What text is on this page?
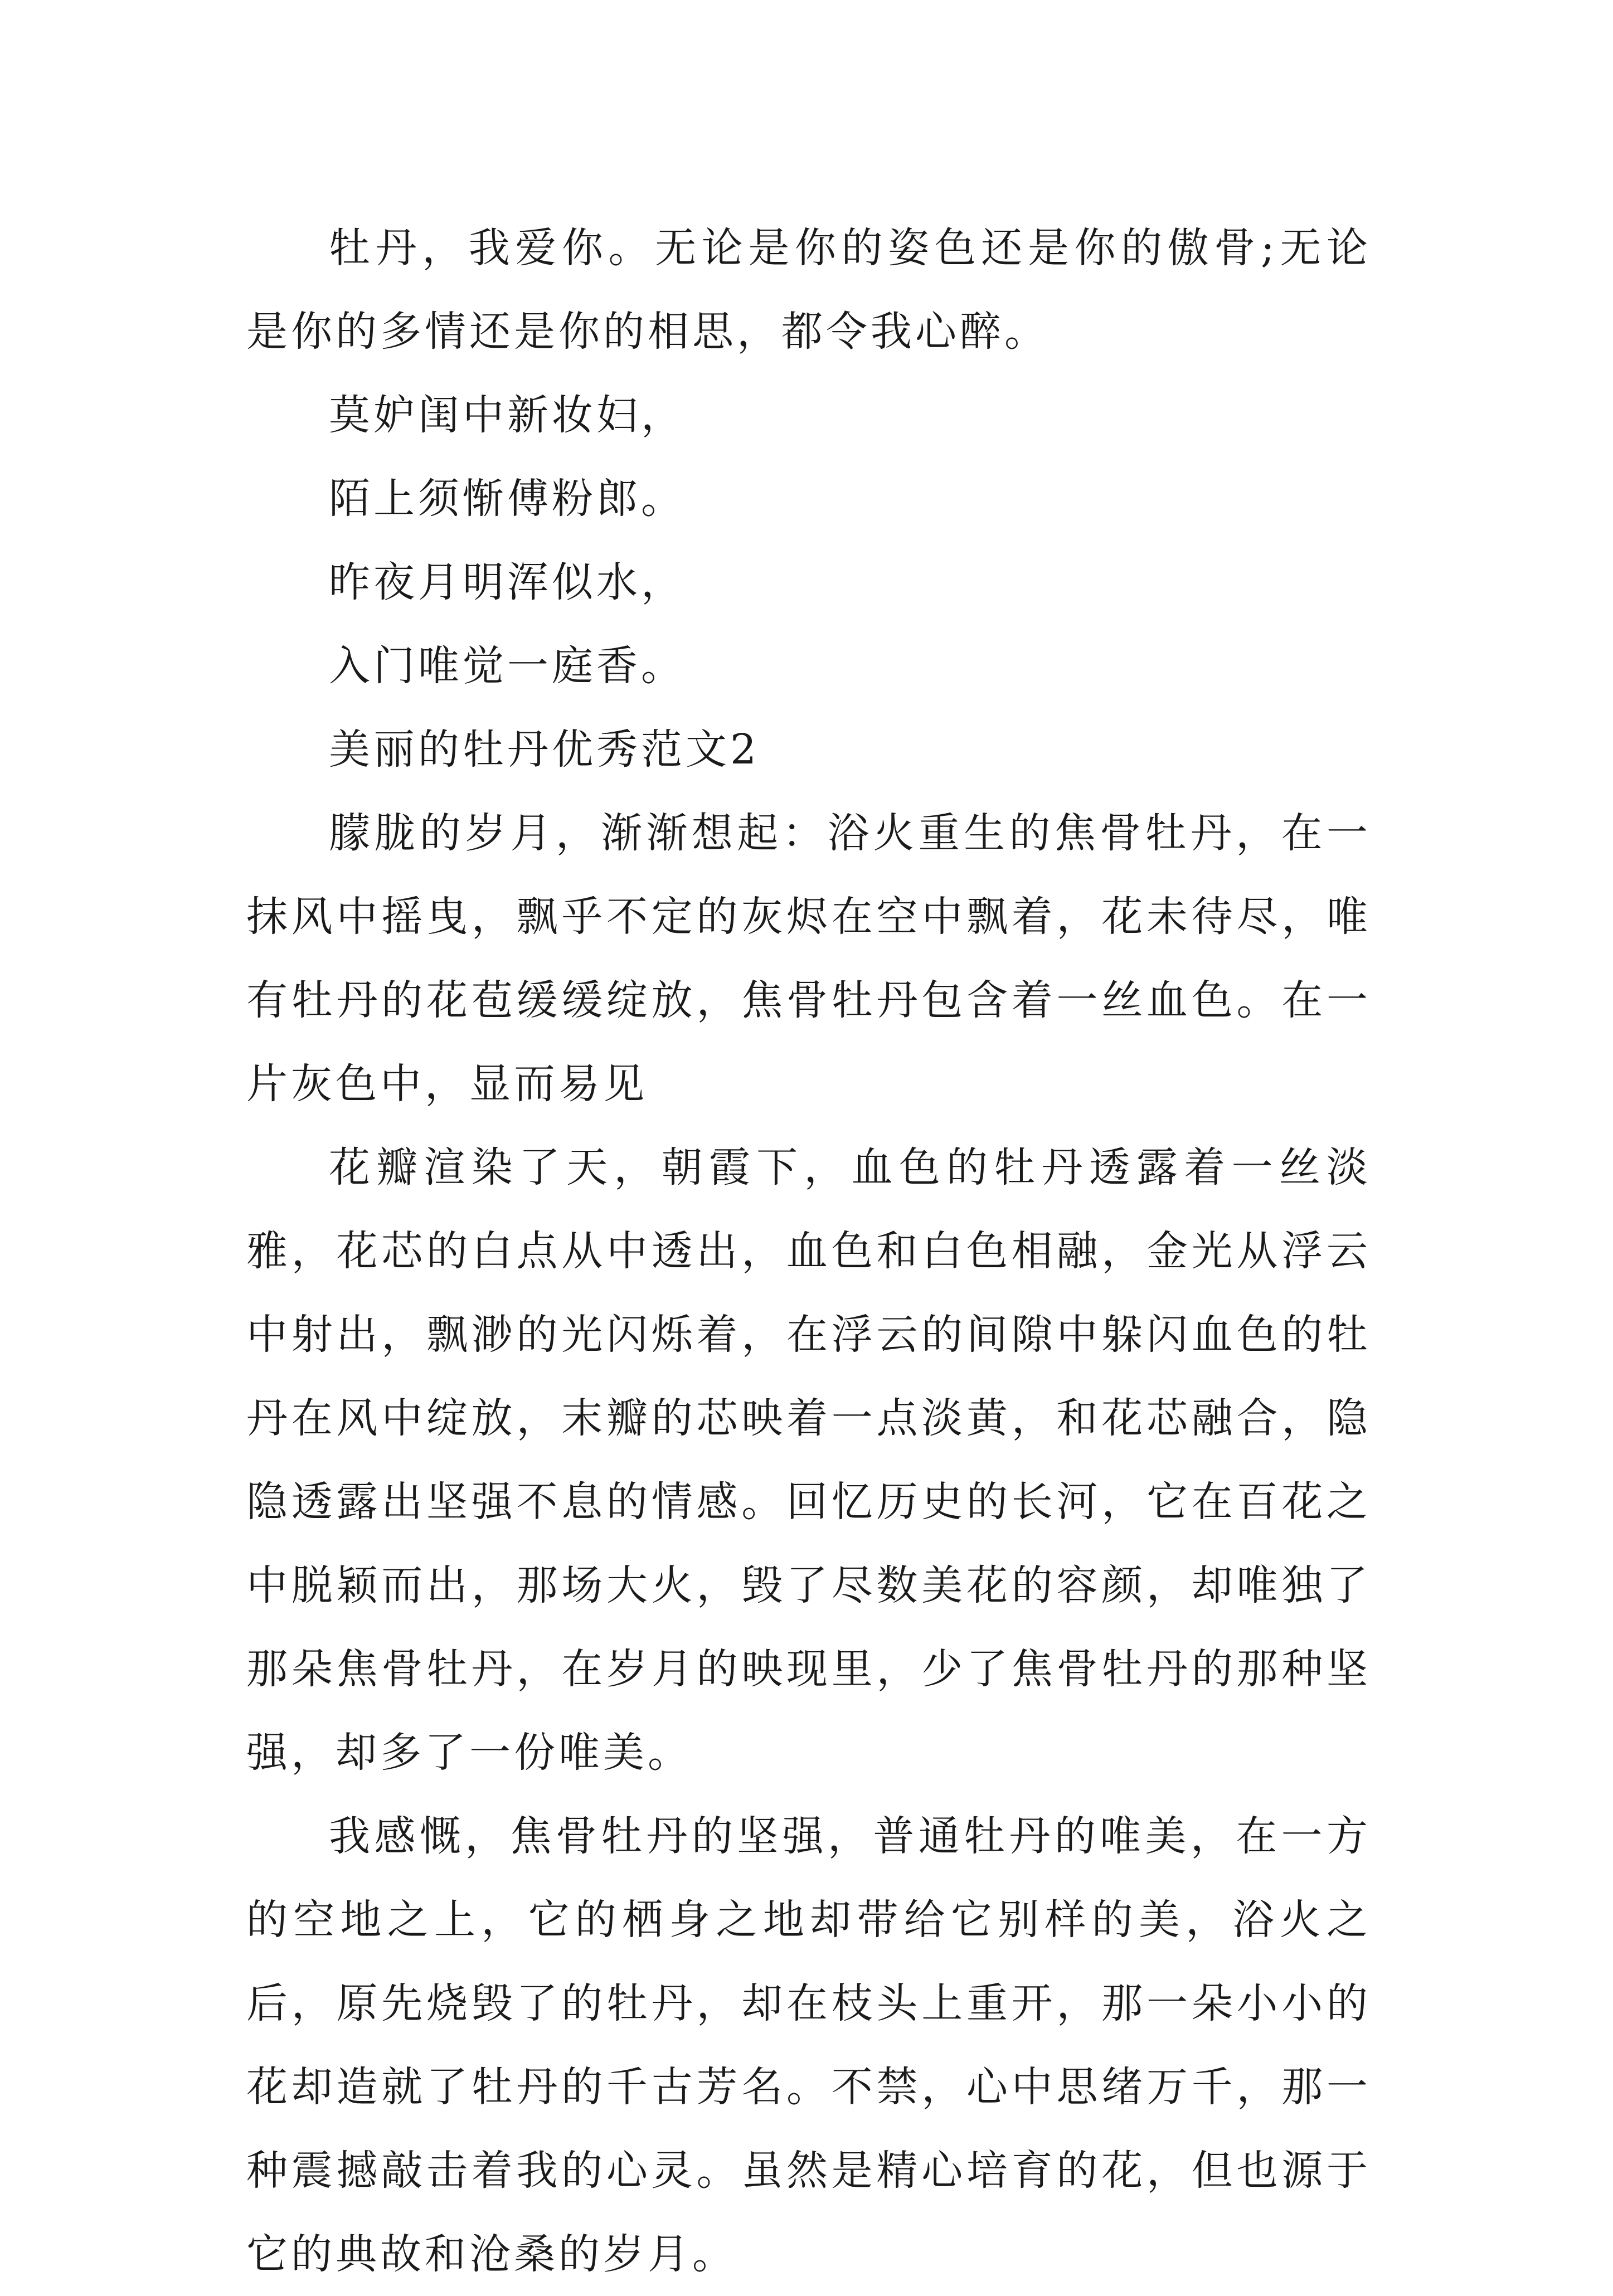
牡丹，我爱你。无论是你的姿色还是你的傲骨;无论是你的多情还是你的相思，都令我心醉。

莫妒闺中新妆妇，

陌上须惭傅粉郎。

昨夜月明浑似水，

入门唯觉一庭香。

美丽的牡丹优秀范文2

朦胧的岁月，渐渐想起：浴火重生的焦骨牡丹，在一抹风中摇曳，飘乎不定的灰烬在空中飘着，花未待尽，唯有牡丹的花苞缓缓绽放，焦骨牡丹包含着一丝血色。在一片灰色中，显而易见

花瓣渲染了天，朝霞下，血色的牡丹透露着一丝淡雅，花芯的白点从中透出，血色和白色相融，金光从浮云中射出，飘渺的光闪烁着，在浮云的间隙中躲闪血色的牡丹在风中绽放，末瓣的芯映着一点淡黄，和花芯融合，隐隐透露出坚强不息的情感。回忆历史的长河，它在百花之中脱颖而出，那场大火，毁了尽数美花的容颜，却唯独了那朵焦骨牡丹，在岁月的映现里，少了焦骨牡丹的那种坚强，却多了一份唯美。

我感慨，焦骨牡丹的坚强，普通牡丹的唯美，在一方的空地之上，它的栖身之地却带给它别样的美，浴火之后，原先烧毁了的牡丹，却在枝头上重开，那一朵小小的花却造就了牡丹的千古芳名。不禁，心中思绪万千，那一种震撼敲击着我的心灵。虽然是精心培育的花，但也源于它的典故和沧桑的岁月。
